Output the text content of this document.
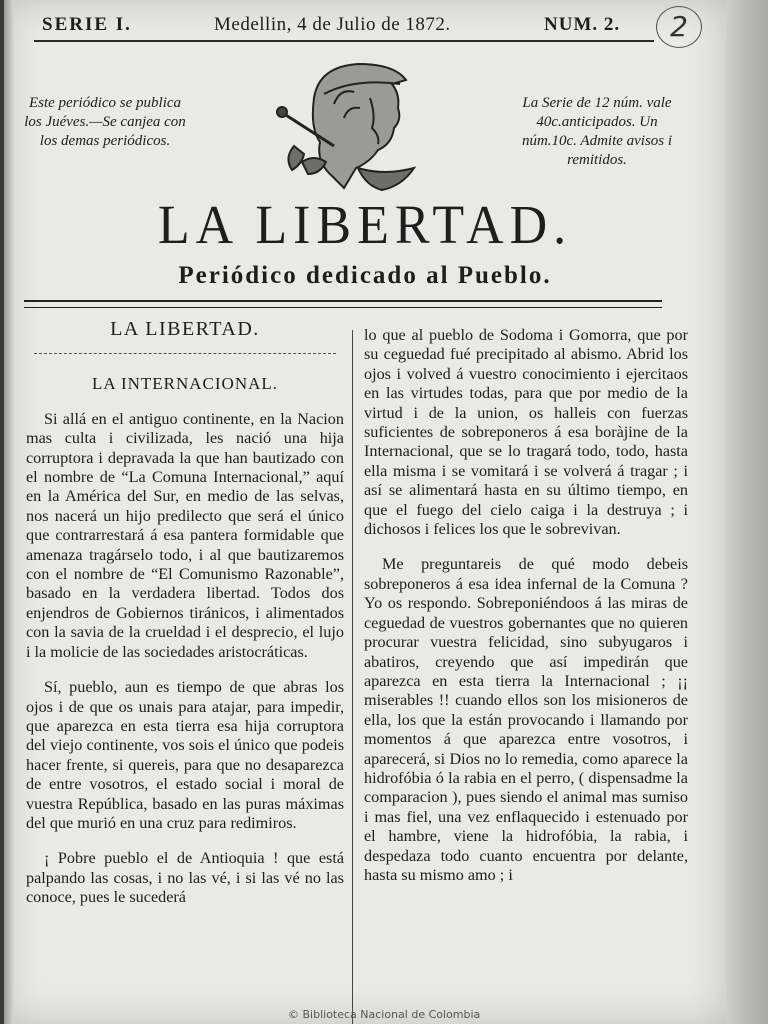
SERIE I.	Medellin, 4 de Julio de 1872.	NUM. 2.	2
Este periódico se publica los Juéves.—Se canjea con los demas periódicos.
La Serie de 12 núm. vale 40c.anticipados. Un núm.10c. Admite avisos i remitidos.
LA LIBERTAD.
Periódico dedicado al Pueblo.
LA LIBERTAD.
LA INTERNACIONAL.

Si allá en el antiguo continente, en la Nacion mas culta i civilizada, les nació una hija corruptora i depravada la que han bautizado con el nombre de “La Comuna Internacional,” aquí en la América del Sur, en medio de las selvas, nos nacerá un hijo predilecto que será el único que contrarrestará á esa pantera formidable que amenaza tragárselo todo, i al que bautizaremos con el nombre de “El Comunismo Razonable”, basado en la verdadera libertad. Todos dos enjendros de Gobiernos tiránicos, i alimentados con la savia de la crueldad i el desprecio, el lujo i la molicie de las sociedades aristocráticas.

Sí, pueblo, aun es tiempo de que abras los ojos i de que os unais para atajar, para impedir, que aparezca en esta tierra esa hija corruptora del viejo continente, vos sois el único que podeis hacer frente, si quereis, para que no desaparezca de entre vosotros, el estado social i moral de vuestra República, basado en las puras máximas del que murió en una cruz para redimiros.

¡ Pobre pueblo el de Antioquia ! que está palpando las cosas, i no las vé, i si las vé no las conoce, pues le sucederá

lo que al pueblo de Sodoma i Gomorra, que por su ceguedad fué precipitado al abismo. Abrid los ojos i volved á vuestro conocimiento i ejercitaos en las virtudes todas, para que por medio de la virtud i de la union, os halleis con fuerzas suficientes de sobreponeros á esa boràjine de la Internacional, que se lo tragará todo, todo, hasta ella misma i se vomitará i se volverá á tragar ; i así se alimentará hasta en su último tiempo, en que el fuego del cielo caiga i la destruya ; i dichosos i felices los que le sobrevivan.

Me preguntareis de qué modo debeis sobreponeros á esa idea infernal de la Comuna ? Yo os respondo. Sobreponiéndoos á las miras de ceguedad de vuestros gobernantes que no quieren procurar vuestra felicidad, sino subyugaros i abatiros, creyendo que así impedirán que aparezca en esta tierra la Internacional ; ¡¡ miserables !! cuando ellos son los misioneros de ella, los que la están provocando i llamando por momentos á que aparezca entre vosotros, i aparecerá, si Dios no lo remedia, como aparece la hidrofóbia ó la rabia en el perro, ( dispensadme la comparacion ), pues siendo el animal mas sumiso i mas fiel, una vez enflaquecido i estenuado por el hambre, viene la hidrofóbia, la rabia, i despedaza todo cuanto encuentra por delante, hasta su mismo amo ; i

© Biblioteca Nacional de Colombia
